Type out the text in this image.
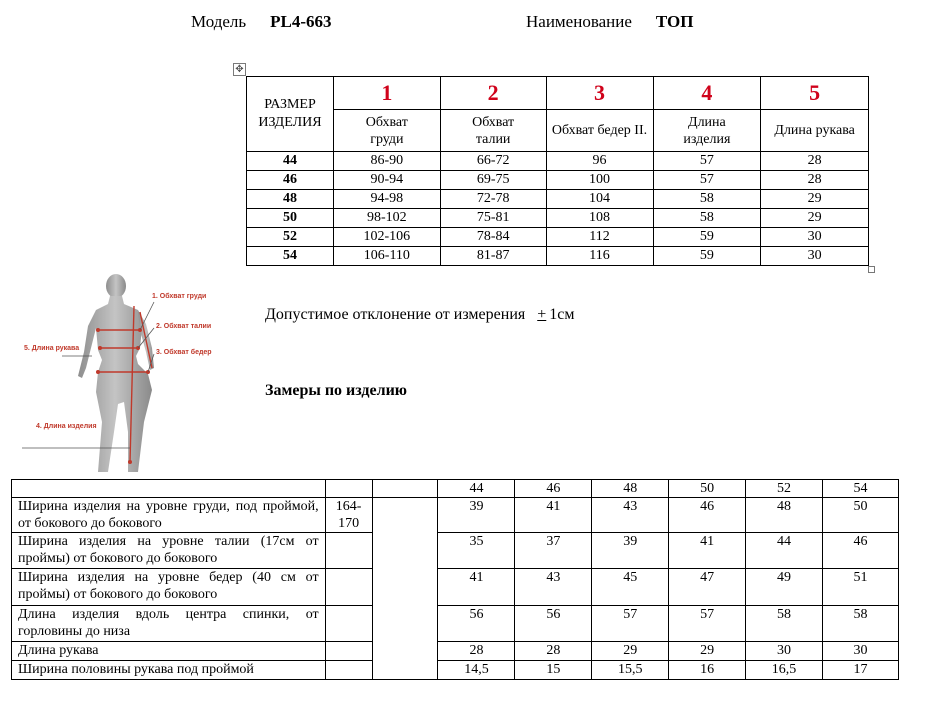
Модель PL4-663	Наименование ТОП
✥
РАЗМЕР ИЗДЕЛИЯ	1	2	3	4	5
	Обхват груди	Обхват талии	Обхват бедер II.	Длина изделия	Длина рукава
44	86-90	66-72	96	57	28
46	90-94	69-75	100	57	28
48	94-98	72-78	104	58	29
50	98-102	75-81	108	58	29
52	102-106	78-84	112	59	30
54	106-110	81-87	116	59	30
1. Обхват груди
2. Обхват талии
3. Обхват бедер
5. Длина рукава
4. Длина изделия
Допустимое отклонение от измерения + 1см
Замеры по изделию
			44	46	48	50	52	54
Ширина изделия на уровне груди, под проймой, от бокового до бокового	164-170		39	41	43	46	48	50
Ширина изделия на уровне талии (17см от проймы) от бокового до бокового			35	37	39	41	44	46
Ширина изделия на уровне бедер (40 см от проймы) от бокового до бокового			41	43	45	47	49	51
Длина изделия вдоль центра спинки, от горловины до низа			56	56	57	57	58	58
Длина рукава			28	28	29	29	30	30
Ширина половины рукава под проймой			14,5	15	15,5	16	16,5	17
